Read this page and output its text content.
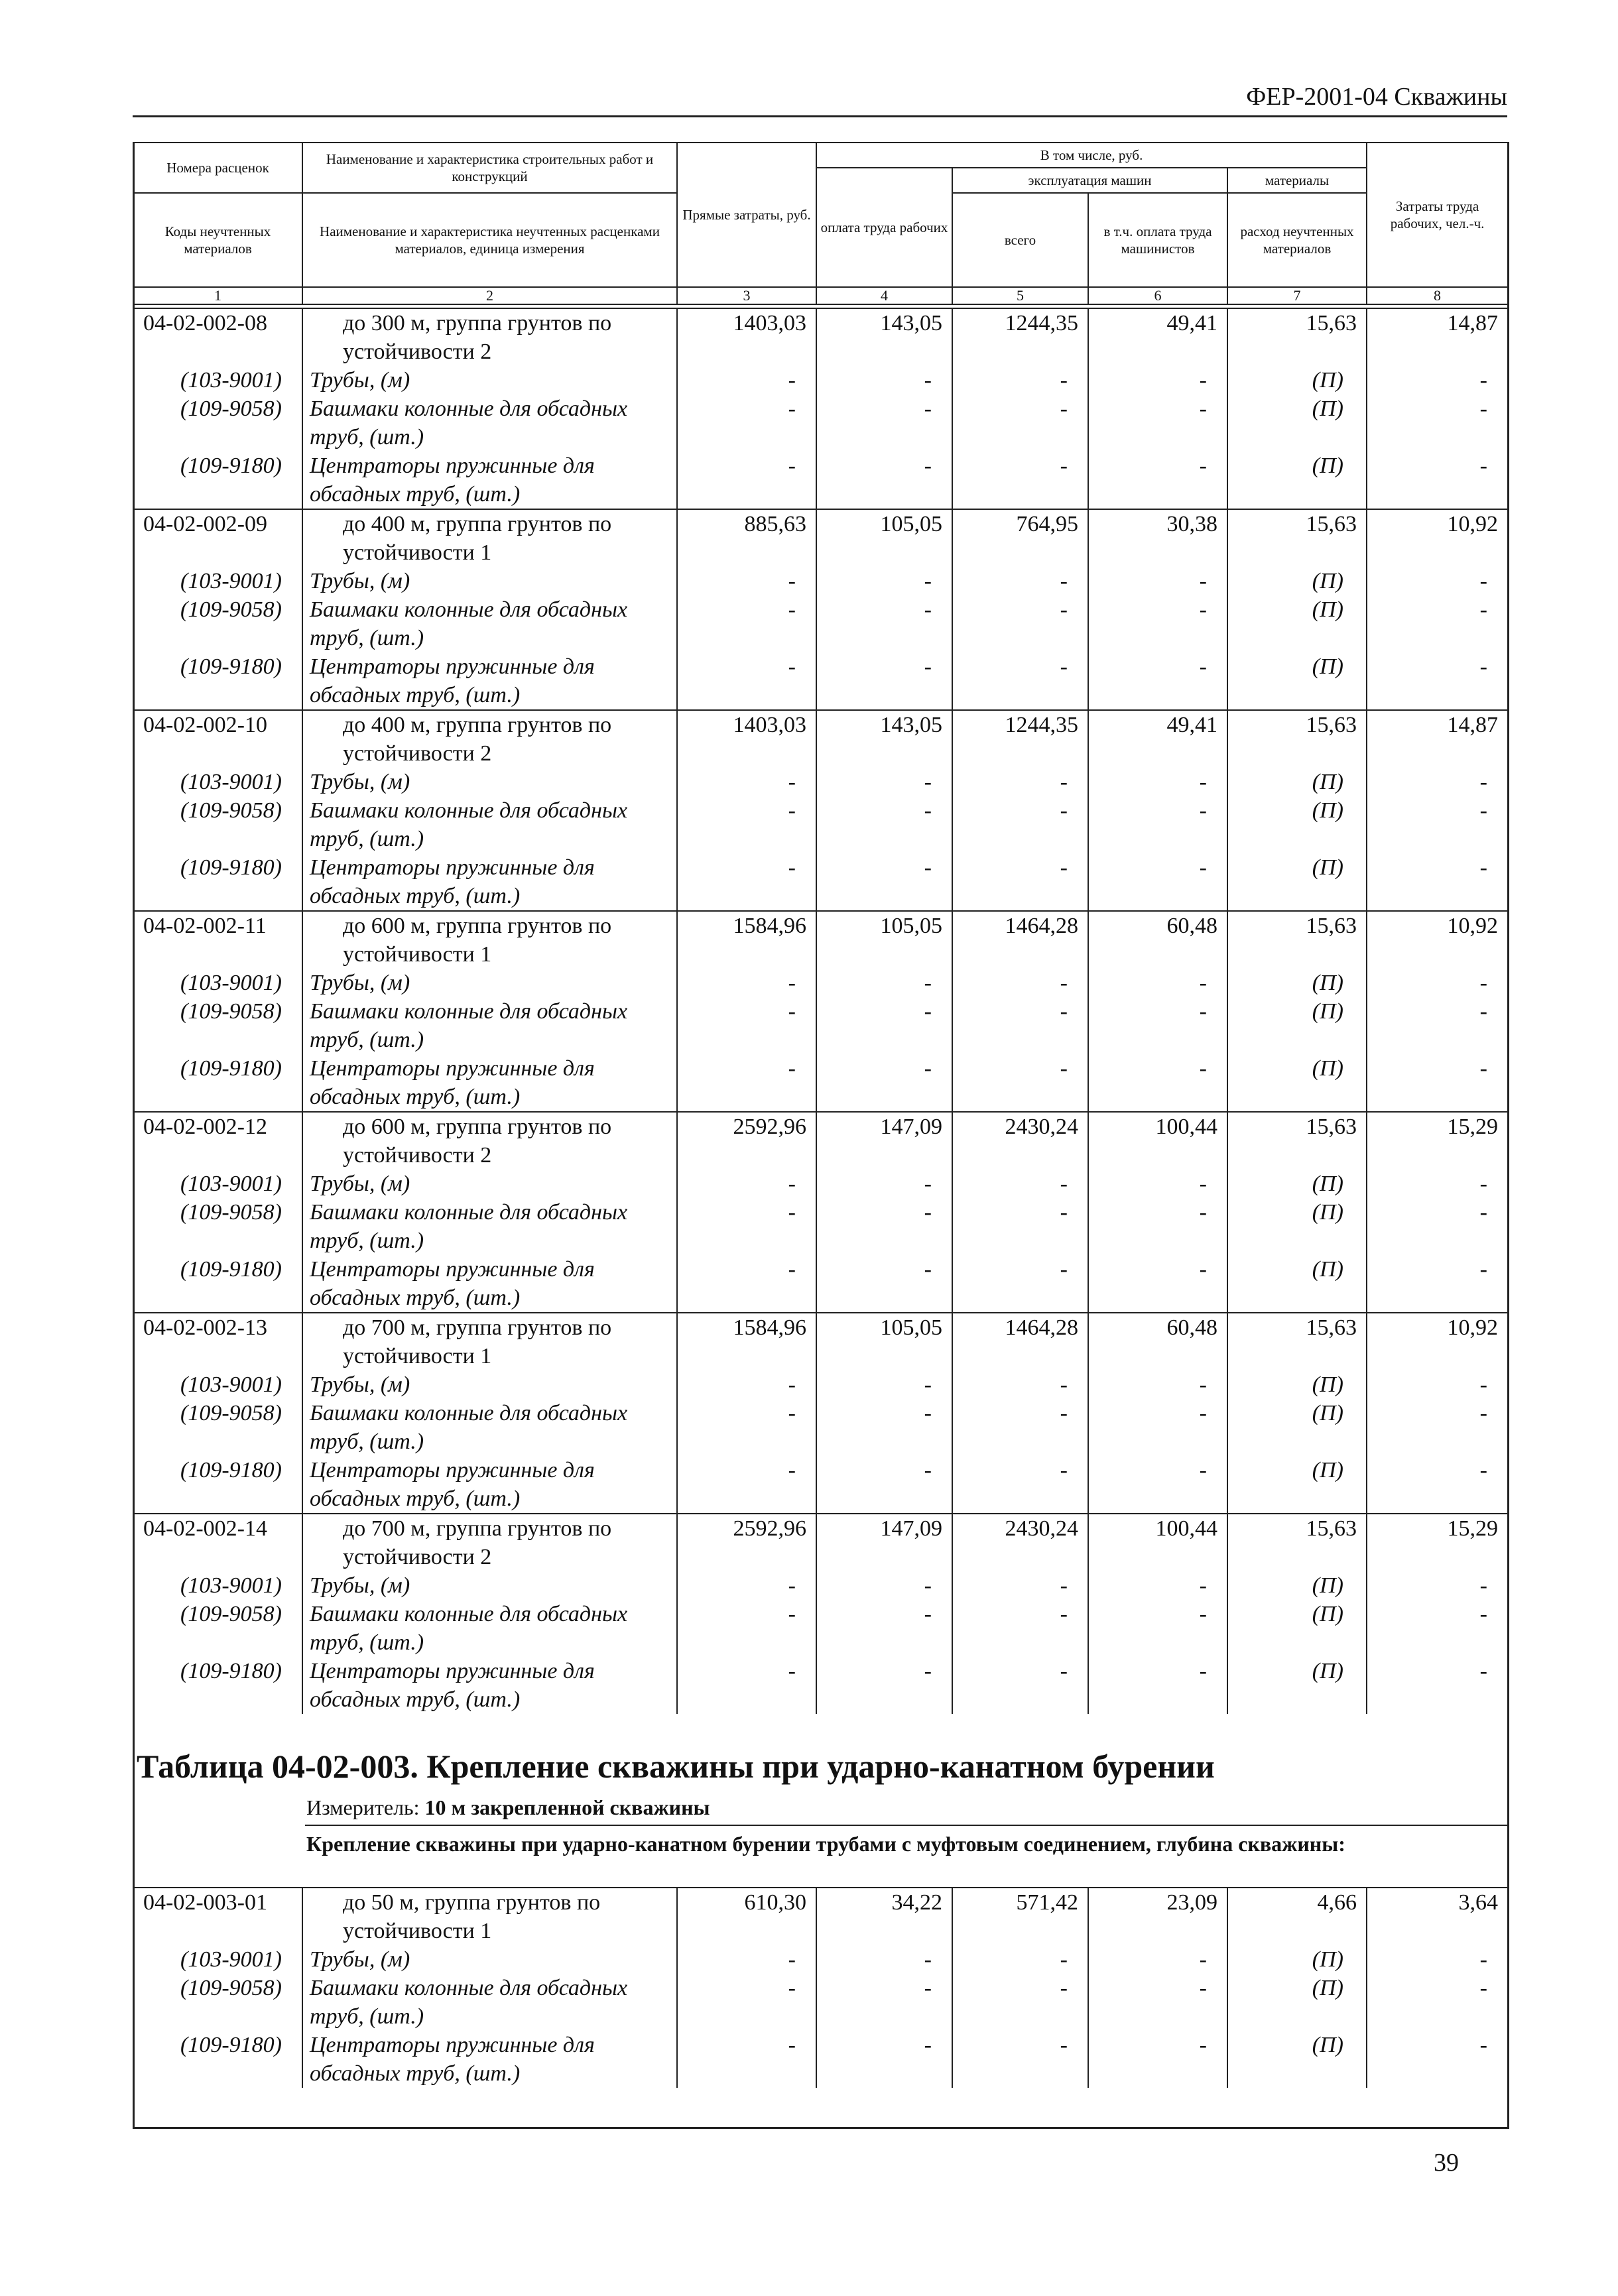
ФЕР-2001-04 Скважины
Номера расценок	Наименование и характеристика строительных работ и конструкций	Прямые затраты, руб.	В том числе, руб.				Затраты труда рабочих, чел.-ч.
			оплата труда рабочих	эксплуатация машин		материалы	
Коды неучтенных материалов	Наименование и характеристика неучтенных расценками материалов, единица измерения			всего	в т.ч. оплата труда машинистов	расход неучтенных материалов	

1	2	3	4	5	6	7	8
04-02-002-08	до 300 м, группа грунтов по устойчивости 2	1403,03	143,05	1244,35	49,41	15,63	14,87
(103-9001)	Трубы, (м)	-	-	-	-	(П)	-
(109-9058)	Башмаки колонные для обсадных труб, (шт.)	-	-	-	-	(П)	-
(109-9180)	Центраторы пружинные для обсадных труб, (шт.)	-	-	-	-	(П)	-
04-02-002-09	до 400 м, группа грунтов по устойчивости 1	885,63	105,05	764,95	30,38	15,63	10,92
(103-9001)	Трубы, (м)	-	-	-	-	(П)	-
(109-9058)	Башмаки колонные для обсадных труб, (шт.)	-	-	-	-	(П)	-
(109-9180)	Центраторы пружинные для обсадных труб, (шт.)	-	-	-	-	(П)	-
04-02-002-10	до 400 м, группа грунтов по устойчивости 2	1403,03	143,05	1244,35	49,41	15,63	14,87
(103-9001)	Трубы, (м)	-	-	-	-	(П)	-
(109-9058)	Башмаки колонные для обсадных труб, (шт.)	-	-	-	-	(П)	-
(109-9180)	Центраторы пружинные для обсадных труб, (шт.)	-	-	-	-	(П)	-
04-02-002-11	до 600 м, группа грунтов по устойчивости 1	1584,96	105,05	1464,28	60,48	15,63	10,92
(103-9001)	Трубы, (м)	-	-	-	-	(П)	-
(109-9058)	Башмаки колонные для обсадных труб, (шт.)	-	-	-	-	(П)	-
(109-9180)	Центраторы пружинные для обсадных труб, (шт.)	-	-	-	-	(П)	-
04-02-002-12	до 600 м, группа грунтов по устойчивости 2	2592,96	147,09	2430,24	100,44	15,63	15,29
(103-9001)	Трубы, (м)	-	-	-	-	(П)	-
(109-9058)	Башмаки колонные для обсадных труб, (шт.)	-	-	-	-	(П)	-
(109-9180)	Центраторы пружинные для обсадных труб, (шт.)	-	-	-	-	(П)	-
04-02-002-13	до 700 м, группа грунтов по устойчивости 1	1584,96	105,05	1464,28	60,48	15,63	10,92
(103-9001)	Трубы, (м)	-	-	-	-	(П)	-
(109-9058)	Башмаки колонные для обсадных труб, (шт.)	-	-	-	-	(П)	-
(109-9180)	Центраторы пружинные для обсадных труб, (шт.)	-	-	-	-	(П)	-
04-02-002-14	до 700 м, группа грунтов по устойчивости 2	2592,96	147,09	2430,24	100,44	15,63	15,29
(103-9001)	Трубы, (м)	-	-	-	-	(П)	-
(109-9058)	Башмаки колонные для обсадных труб, (шт.)	-	-	-	-	(П)	-
(109-9180)	Центраторы пружинные для обсадных труб, (шт.)	-	-	-	-	(П)	-
Таблица 04-02-003. Крепление скважины при ударно-канатном бурении
Измеритель: 10 м закрепленной скважины
Крепление скважины при ударно-канатном бурении трубами с муфтовым соединением, глубина скважины:
04-02-003-01	до 50 м, группа грунтов по устойчивости 1	610,30	34,22	571,42	23,09	4,66	3,64
(103-9001)	Трубы, (м)	-	-	-	-	(П)	-
(109-9058)	Башмаки колонные для обсадных труб, (шт.)	-	-	-	-	(П)	-
(109-9180)	Центраторы пружинные для обсадных труб, (шт.)	-	-	-	-	(П)	-
39
